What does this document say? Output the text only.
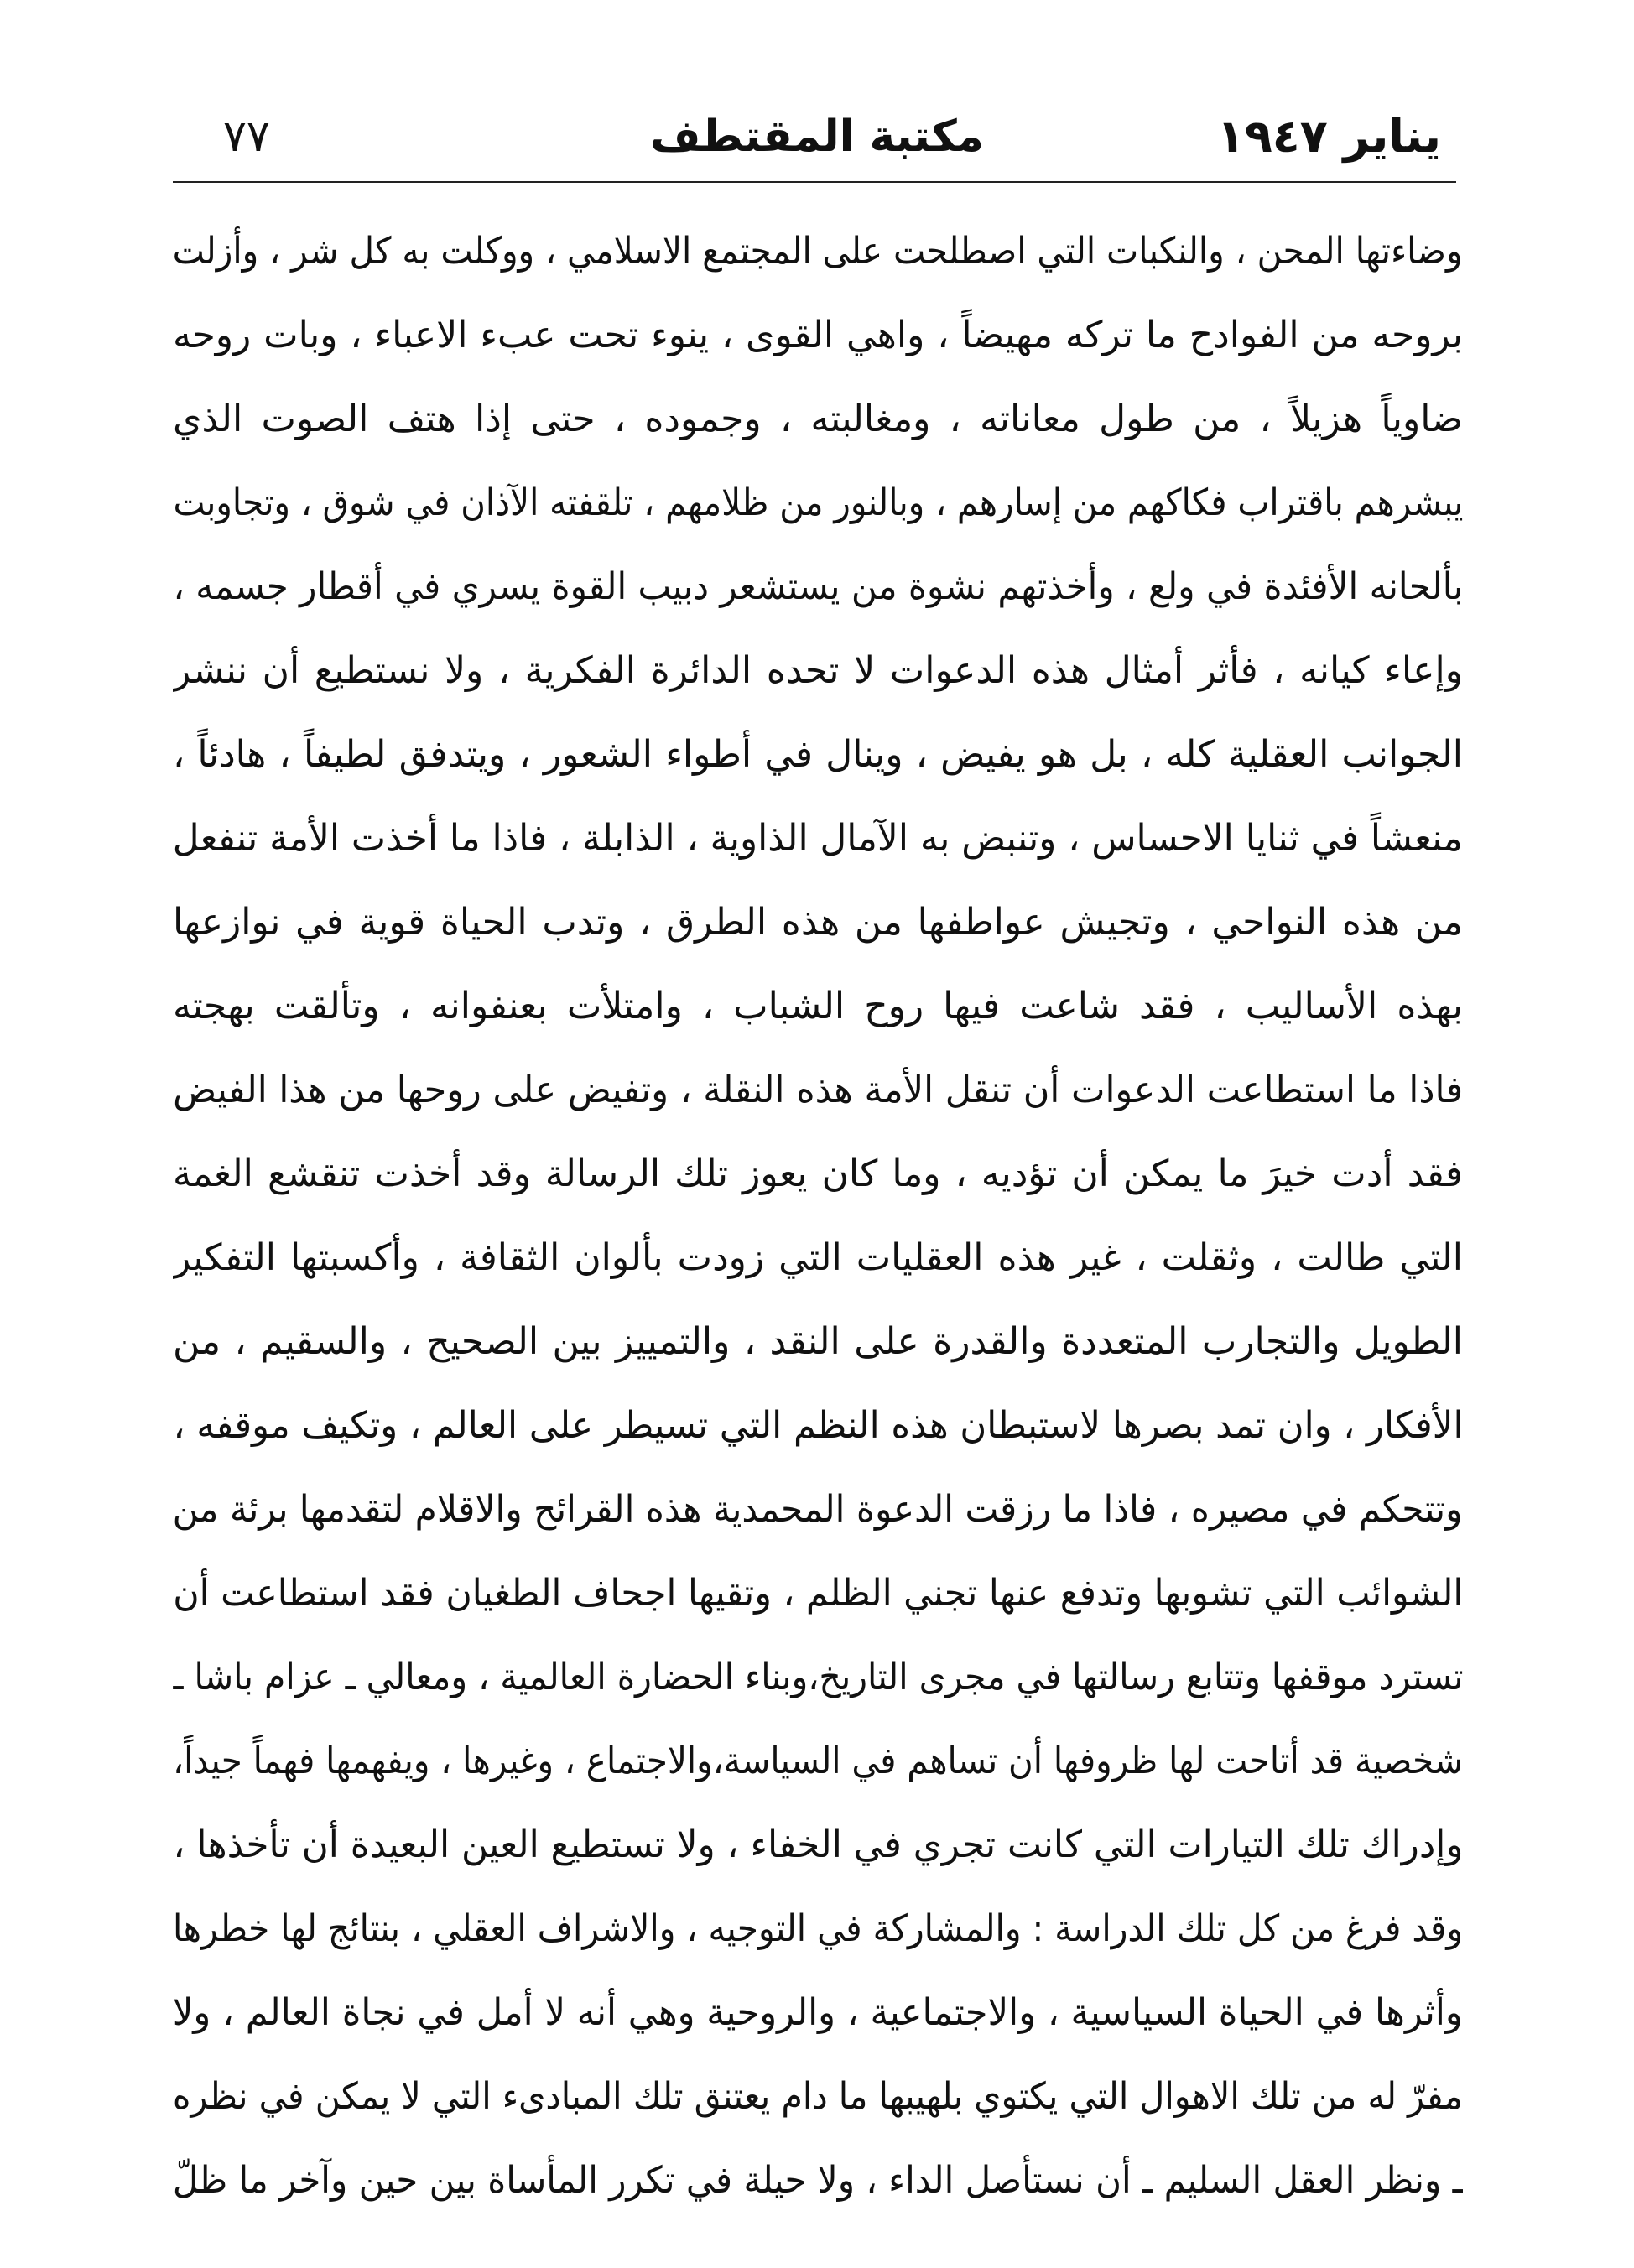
يناير ١٩٤٧
مكتبة المقتطف
٧٧
وضاءتها المحن ، والنكبات التي اصطلحت على المجتمع الاسلامي ، ووكلت به كل شر ، وأزلت
بروحه من الفوادح ما تركه مهيضاً ، واهي القوى ، ينوء تحت عبء الاعباء ، وبات روحه
ضاوياً هزيلاً ، من طول معاناته ، ومغالبته ، وجموده ، حتى إذا هتف الصوت الذي
يبشرهم باقتراب فكاكهم من إسارهم ، وبالنور من ظلامهم ، تلقفته الآذان في شوق ، وتجاوبت
بألحانه الأفئدة في ولع ، وأخذتهم نشوة من يستشعر دبيب القوة يسري في أقطار جسمه ،
وإعاء كيانه ، فأثر أمثال هذه الدعوات لا تحده الدائرة الفكرية ، ولا نستطيع أن ننشر
الجوانب العقلية كله ، بل هو يفيض ، وينال في أطواء الشعور ، ويتدفق لطيفاً ، هادئاً ،
منعشاً في ثنايا الاحساس ، وتنبض به الآمال الذاوية ، الذابلة ، فاذا ما أخذت الأمة تنفعل
من هذه النواحي ، وتجيش عواطفها من هذه الطرق ، وتدب الحياة قوية في نوازعها
بهذه الأساليب ، فقد شاعت فيها روح الشباب ، وامتلأت بعنفوانه ، وتألقت بهجته
فاذا ما استطاعت الدعوات أن تنقل الأمة هذه النقلة ، وتفيض على روحها من هذا الفيض
فقد أدت خيرَ ما يمكن أن تؤديه ، وما كان يعوز تلك الرسالة وقد أخذت تنقشع الغمة
التي طالت ، وثقلت ، غير هذه العقليات التي زودت بألوان الثقافة ، وأكسبتها التفكير
الطويل والتجارب المتعددة والقدرة على النقد ، والتمييز بين الصحيح ، والسقيم ، من
الأفكار ، وان تمد بصرها لاستبطان هذه النظم التي تسيطر على العالم ، وتكيف موقفه ،
وتتحكم في مصيره ، فاذا ما رزقت الدعوة المحمدية هذه القرائح والاقلام لتقدمها برئة من
الشوائب التي تشوبها وتدفع عنها تجني الظلم ، وتقيها اجحاف الطغيان فقد استطاعت أن
تسترد موقفها وتتابع رسالتها في مجرى التاريخ،وبناء الحضارة العالمية ، ومعالي ـ عزام باشا ـ
شخصية قد أتاحت لها ظروفها أن تساهم في السياسة،والاجتماع ، وغيرها ، ويفهمها فهماً جيداً،
وإدراك تلك التيارات التي كانت تجري في الخفاء ، ولا تستطيع العين البعيدة أن تأخذها ،
وقد فرغ من كل تلك الدراسة : والمشاركة في التوجيه ، والاشراف العقلي ، بنتائج لها خطرها
وأثرها في الحياة السياسية ، والاجتماعية ، والروحية وهي أنه لا أمل في نجاة العالم ، ولا
مفرّ له من تلك الاهوال التي يكتوي بلهيبها ما دام يعتنق تلك المبادىء التي لا يمكن في نظره
ـ ونظر العقل السليم ـ أن نستأصل الداء ، ولا حيلة في تكرر المأساة بين حين وآخر ما ظلّ
